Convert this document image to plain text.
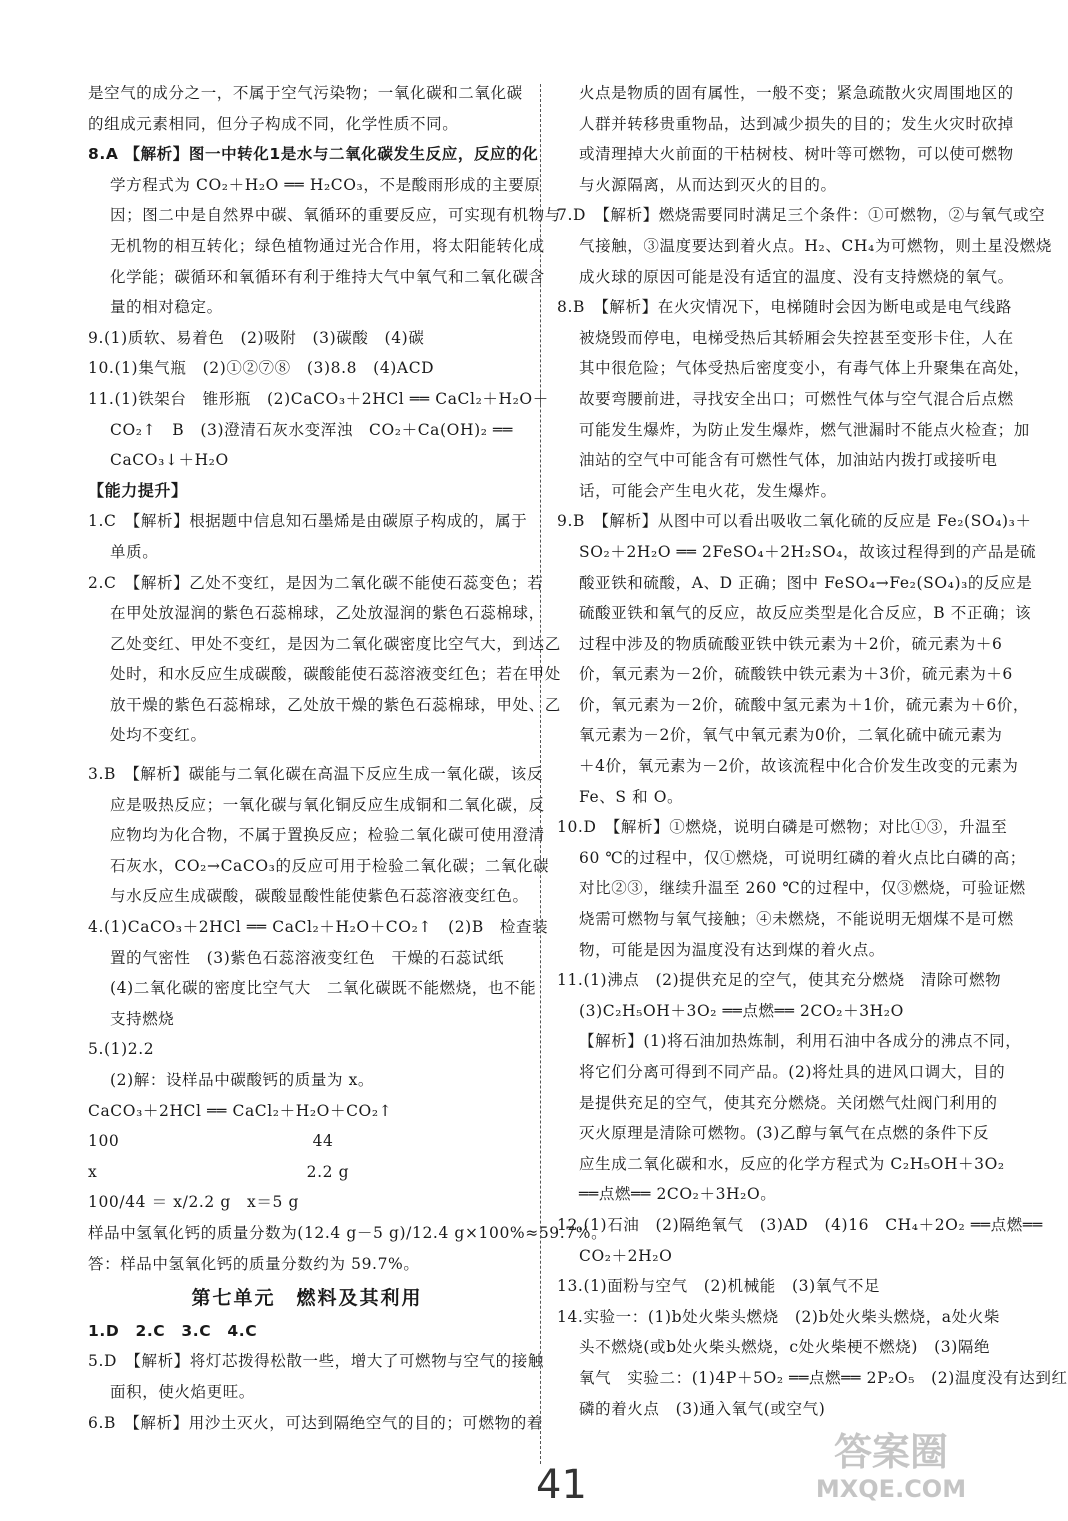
是空气的成分之一，不属于空气污染物；一氧化碳和二氧化碳
的组成元素相同，但分子构成不同，化学性质不同。
8.A 【解析】图一中转化1是水与二氧化碳发生反应，反应的化
学方程式为 CO₂＋H₂O ══ H₂CO₃，不是酸雨形成的主要原
因；图二中是自然界中碳、氧循环的重要反应，可实现有机物与
无机物的相互转化；绿色植物通过光合作用，将太阳能转化成
化学能；碳循环和氧循环有利于维持大气中氧气和二氧化碳含
量的相对稳定。
9.(1)质软、易着色　(2)吸附　(3)碳酸　(4)碳
10.(1)集气瓶　(2)①②⑦⑧　(3)8.8　(4)ACD
11.(1)铁架台　锥形瓶　(2)CaCO₃＋2HCl ══ CaCl₂＋H₂O＋
CO₂↑　B　(3)澄清石灰水变浑浊　CO₂＋Ca(OH)₂ ══
CaCO₃↓＋H₂O
【能力提升】
1.C　【解析】根据题中信息知石墨烯是由碳原子构成的，属于
单质。
2.C　【解析】乙处不变红，是因为二氧化碳不能使石蕊变色；若
在甲处放湿润的紫色石蕊棉球，乙处放湿润的紫色石蕊棉球，
乙处变红、甲处不变红，是因为二氧化碳密度比空气大，到达乙
处时，和水反应生成碳酸，碳酸能使石蕊溶液变红色；若在甲处
放干燥的紫色石蕊棉球，乙处放干燥的紫色石蕊棉球，甲处、乙
处均不变红。
3.B　【解析】碳能与二氧化碳在高温下反应生成一氧化碳，该反
应是吸热反应；一氧化碳与氧化铜反应生成铜和二氧化碳，反
应物均为化合物，不属于置换反应；检验二氧化碳可使用澄清
石灰水，CO₂→CaCO₃的反应可用于检验二氧化碳；二氧化碳
与水反应生成碳酸，碳酸显酸性能使紫色石蕊溶液变红色。
4.(1)CaCO₃＋2HCl ══ CaCl₂＋H₂O＋CO₂↑　(2)B　检查装
置的气密性　(3)紫色石蕊溶液变红色　干燥的石蕊试纸
(4)二氧化碳的密度比空气大　二氧化碳既不能燃烧，也不能
支持燃烧
5.(1)2.2
(2)解：设样品中碳酸钙的质量为 x。
CaCO₃＋2HCl ══ CaCl₂＋H₂O＋CO₂↑
100　　　　　　　　　　　　44
x　　　　　　　　　　　　　2.2 g
100/44 ＝ x/2.2 g　x＝5 g
样品中氢氧化钙的质量分数为(12.4 g－5 g)/12.4 g×100%≈59.7%。
答：样品中氢氧化钙的质量分数约为 59.7%。
第七单元　燃料及其利用
1.D　2.C　3.C　4.C
5.D　【解析】将灯芯拨得松散一些，增大了可燃物与空气的接触
面积，使火焰更旺。
6.B　【解析】用沙土灭火，可达到隔绝空气的目的；可燃物的着
火点是物质的固有属性，一般不变；紧急疏散火灾周围地区的
人群并转移贵重物品，达到减少损失的目的；发生火灾时砍掉
或清理掉大火前面的干枯树枝、树叶等可燃物，可以使可燃物
与火源隔离，从而达到灭火的目的。
7.D　【解析】燃烧需要同时满足三个条件：①可燃物，②与氧气或空
气接触，③温度要达到着火点。H₂、CH₄为可燃物，则土星没燃烧
成火球的原因可能是没有适宜的温度、没有支持燃烧的氧气。
8.B　【解析】在火灾情况下，电梯随时会因为断电或是电气线路
被烧毁而停电，电梯受热后其轿厢会失控甚至变形卡住，人在
其中很危险；气体受热后密度变小，有毒气体上升聚集在高处，
故要弯腰前进，寻找安全出口；可燃性气体与空气混合后点燃
可能发生爆炸，为防止发生爆炸，燃气泄漏时不能点火检查；加
油站的空气中可能含有可燃性气体，加油站内拨打或接听电
话，可能会产生电火花，发生爆炸。
9.B　【解析】从图中可以看出吸收二氧化硫的反应是 Fe₂(SO₄)₃＋
SO₂＋2H₂O ══ 2FeSO₄＋2H₂SO₄，故该过程得到的产品是硫
酸亚铁和硫酸，A、D 正确；图中 FeSO₄→Fe₂(SO₄)₃的反应是
硫酸亚铁和氧气的反应，故反应类型是化合反应，B 不正确；该
过程中涉及的物质硫酸亚铁中铁元素为＋2价，硫元素为＋6
价，氧元素为－2价，硫酸铁中铁元素为＋3价，硫元素为＋6
价，氧元素为－2价，硫酸中氢元素为＋1价，硫元素为＋6价，
氧元素为－2价，氧气中氧元素为0价，二氧化硫中硫元素为
＋4价，氧元素为－2价，故该流程中化合价发生改变的元素为
Fe、S 和 O。
10.D　【解析】①燃烧，说明白磷是可燃物；对比①③，升温至
60 ℃的过程中，仅①燃烧，可说明红磷的着火点比白磷的高；
对比②③，继续升温至 260 ℃的过程中，仅③燃烧，可验证燃
烧需可燃物与氧气接触；④未燃烧，不能说明无烟煤不是可燃
物，可能是因为温度没有达到煤的着火点。
11.(1)沸点　(2)提供充足的空气，使其充分燃烧　清除可燃物
(3)C₂H₅OH＋3O₂ ══点燃══ 2CO₂＋3H₂O
【解析】(1)将石油加热炼制，利用石油中各成分的沸点不同，
将它们分离可得到不同产品。(2)将灶具的进风口调大，目的
是提供充足的空气，使其充分燃烧。关闭燃气灶阀门利用的
灭火原理是清除可燃物。(3)乙醇与氧气在点燃的条件下反
应生成二氧化碳和水，反应的化学方程式为 C₂H₅OH＋3O₂
══点燃══ 2CO₂＋3H₂O。
12.(1)石油　(2)隔绝氧气　(3)AD　(4)16　CH₄＋2O₂ ══点燃══
CO₂＋2H₂O
13.(1)面粉与空气　(2)机械能　(3)氧气不足
14.实验一：(1)b处火柴头燃烧　(2)b处火柴头燃烧，a处火柴
头不燃烧(或b处火柴头燃烧，c处火柴梗不燃烧)　(3)隔绝
氧气　实验二：(1)4P＋5O₂ ══点燃══ 2P₂O₅　(2)温度没有达到红
磷的着火点　(3)通入氧气(或空气)
41
答案圈
MXQE.COM
